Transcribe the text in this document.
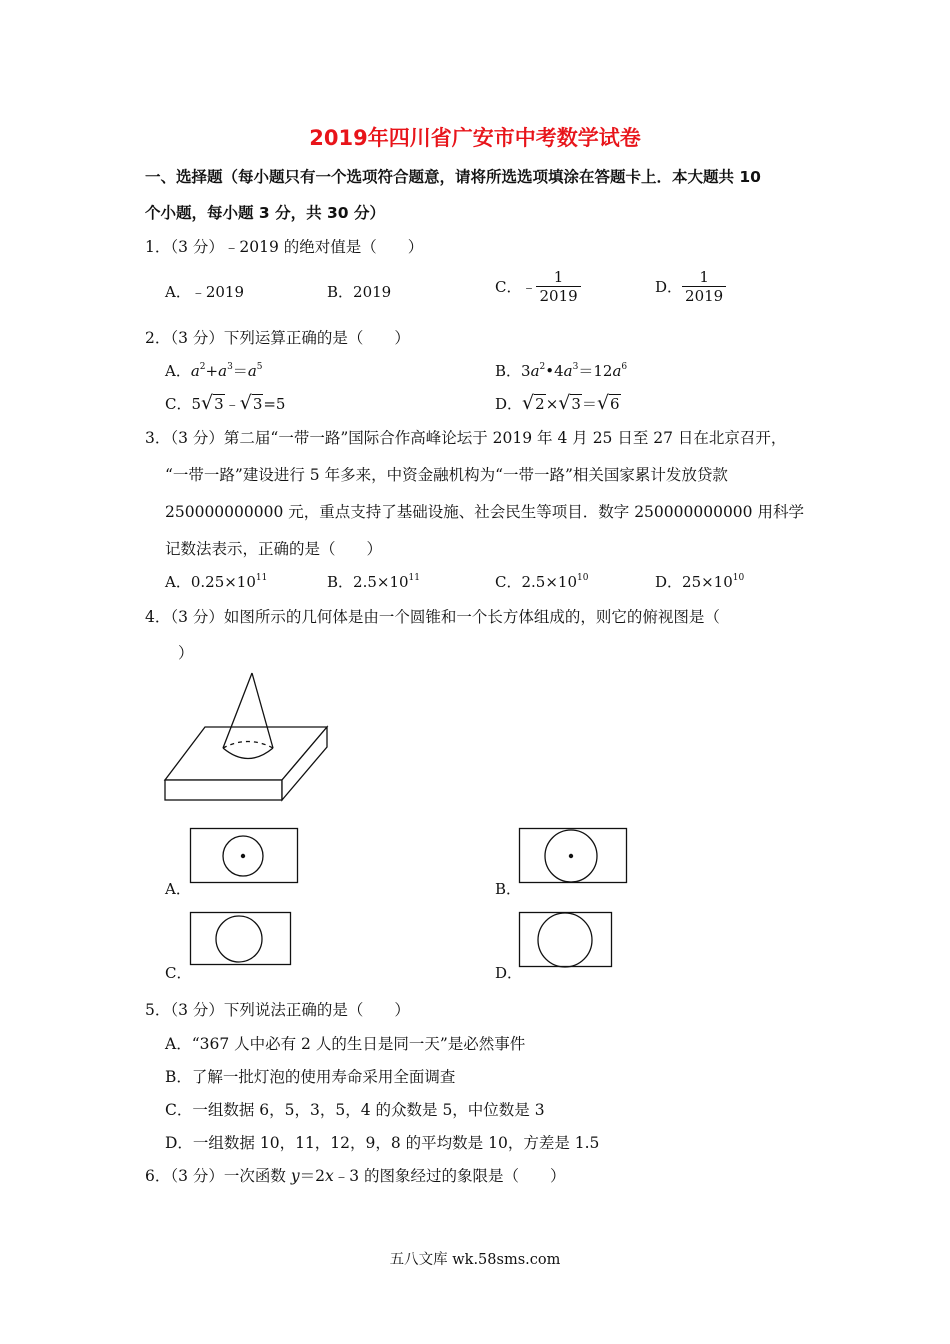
2019年四川省广安市中考数学试卷
一、选择题（每小题只有一个选项符合题意，请将所选选项填涂在答题卡上．本大题共 10
个小题，每小题 3 分，共 30 分）
1．（3 分）﹣2019 的绝对值是（　　）
A．﹣2019	B．2019	C．﹣ $\frac{1}{2019}$	D． $\frac{1}{2019}$
2．（3 分）下列运算正确的是（　　）
A．$a^2+a^3=a^5$	B．$3a^2•4a^3=12a^6$
C．5√3﹣√3=5	D．√2×√3＝√6
3．（3 分）第二届“一带一路”国际合作高峰论坛于 2019 年 4 月 25 日至 27 日在北京召开，
“一带一路”建设进行 5 年多来，中资金融机构为“一带一路”相关国家累计发放贷款
250000000000 元，重点支持了基础设施、社会民生等项目．数字 250000000000 用科学
记数法表示，正确的是（　　）
A．$0.25\times 10^{11}$	B．$2.5\times 10^{11}$	C．$2.5\times 10^{10}$	D．$25\times 10^{10}$
4．（3 分）如图所示的几何体是由一个圆锥和一个长方体组成的，则它的俯视图是（
）
A．	B．
C．	D．
5．（3 分）下列说法正确的是（　　）
A．“367 人中必有 2 人的生日是同一天”是必然事件
B．了解一批灯泡的使用寿命采用全面调查
C．一组数据 6，5，3，5，4 的众数是 5，中位数是 3
D．一组数据 10，11，12，9，8 的平均数是 10，方差是 1.5
6．（3 分）一次函数 y＝2x﹣3 的图象经过的象限是（　　）
五八文库 wk.58sms.com
